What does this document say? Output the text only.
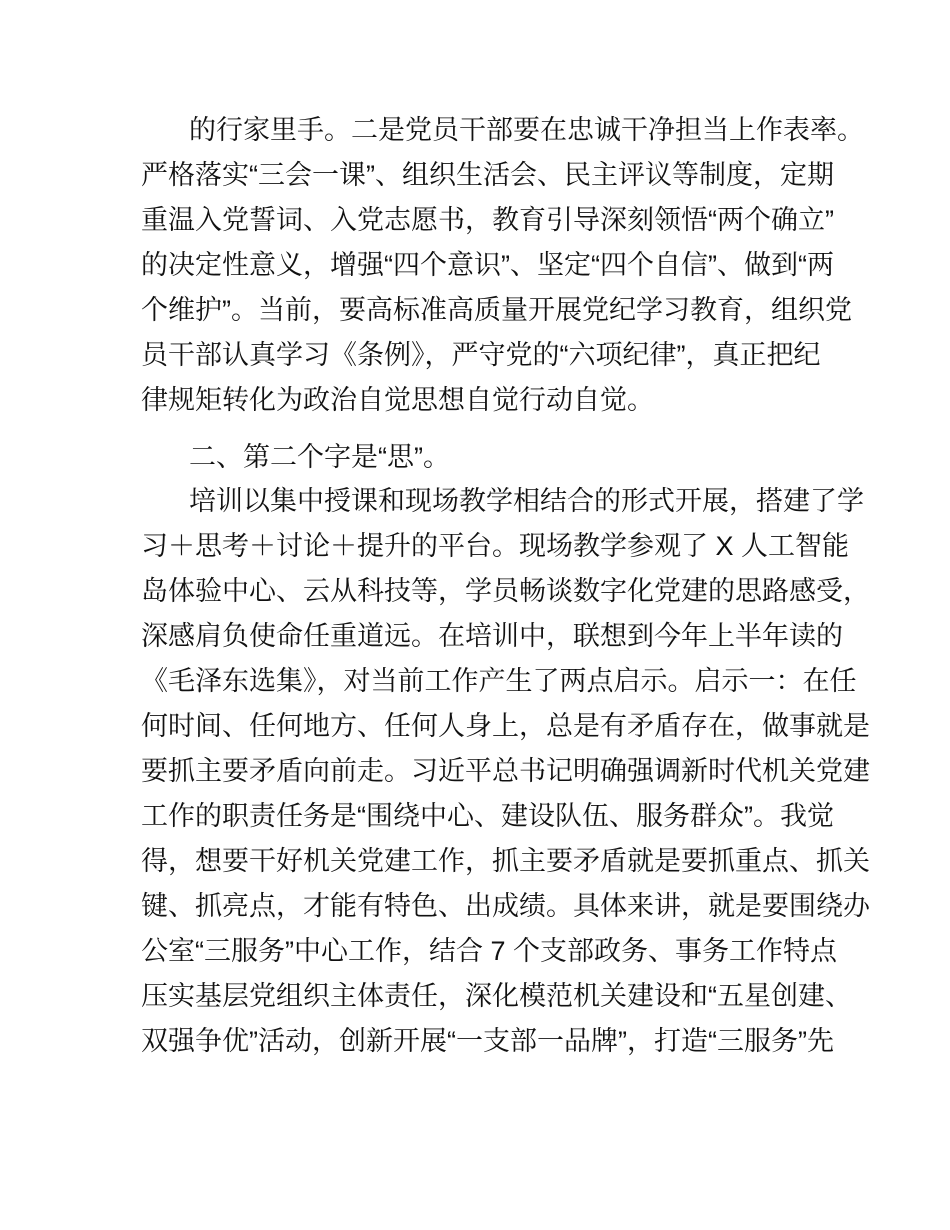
的行家里手。二是党员干部要在忠诚干净担当上作表率。
严格落实“三会一课”、组织生活会、民主评议等制度，定期
重温入党誓词、入党志愿书，教育引导深刻领悟“两个确立”
的决定性意义，增强“四个意识”、坚定“四个自信”、做到“两
个维护”。当前，要高标准高质量开展党纪学习教育，组织党
员干部认真学习《条例》，严守党的“六项纪律”，真正把纪
律规矩转化为政治自觉思想自觉行动自觉。
二、第二个字是“思”。
培训以集中授课和现场教学相结合的形式开展，搭建了学
习＋思考＋讨论＋提升的平台。现场教学参观了 X 人工智能
岛体验中心、云从科技等，学员畅谈数字化党建的思路感受，
深感肩负使命任重道远。在培训中，联想到今年上半年读的
《毛泽东选集》，对当前工作产生了两点启示。启示一：在任
何时间、任何地方、任何人身上，总是有矛盾存在，做事就是
要抓主要矛盾向前走。习近平总书记明确强调新时代机关党建
工作的职责任务是“围绕中心、建设队伍、服务群众”。我觉
得，想要干好机关党建工作，抓主要矛盾就是要抓重点、抓关
键、抓亮点，才能有特色、出成绩。具体来讲，就是要围绕办
公室“三服务”中心工作，结合 7 个支部政务、事务工作特点
压实基层党组织主体责任，深化模范机关建设和“五星创建、
双强争优”活动，创新开展“一支部一品牌”，打造“三服务”先
